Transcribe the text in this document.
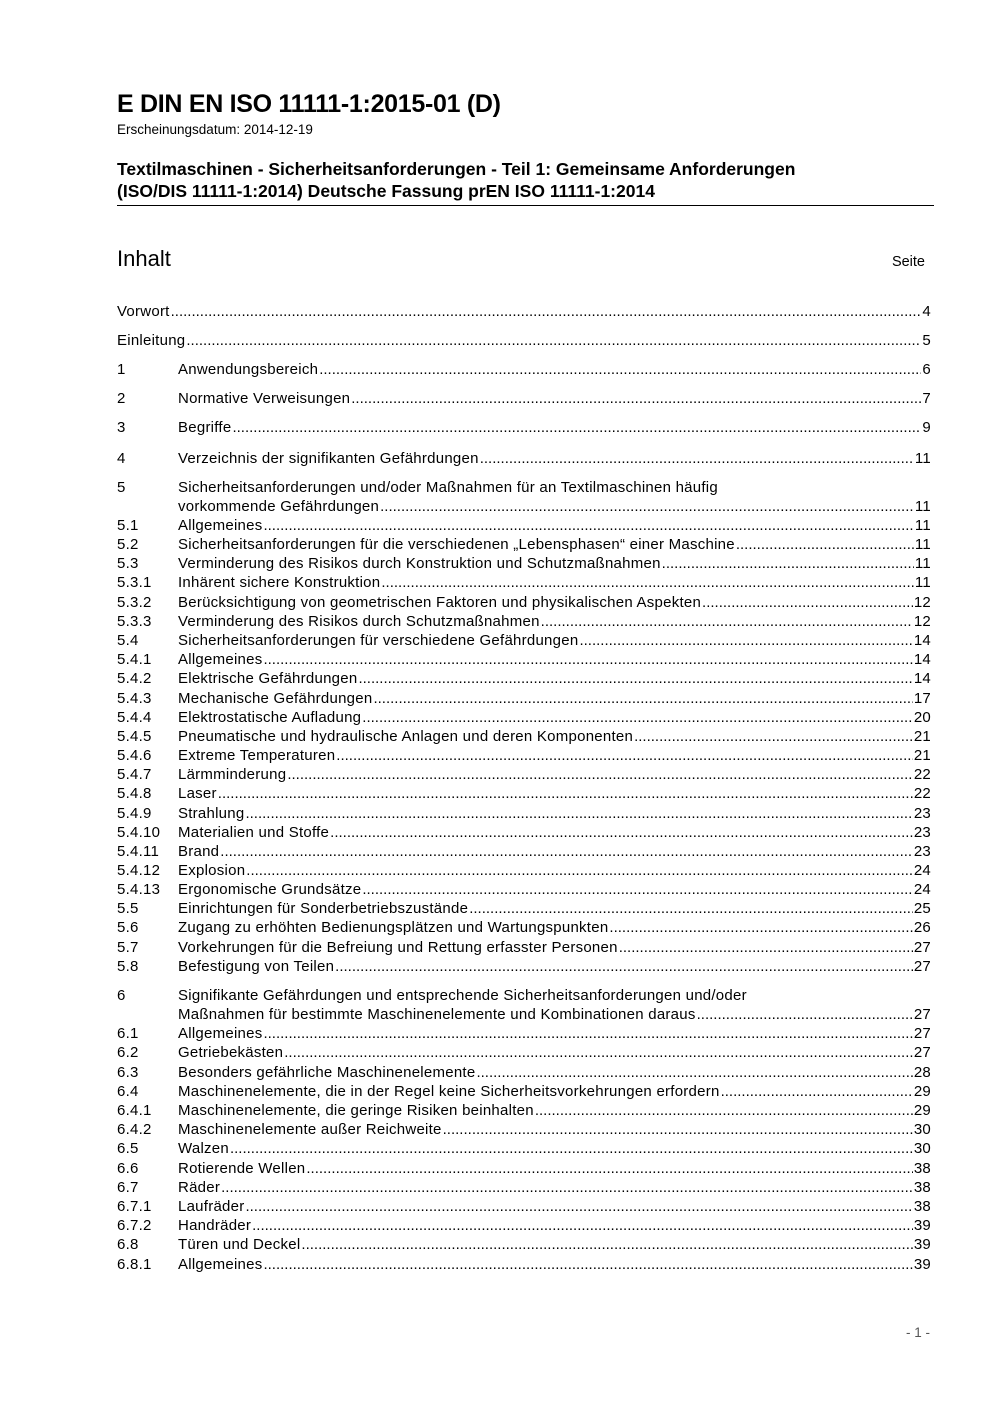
E DIN EN ISO 11111-1:2015-01 (D)
Erscheinungsdatum: 2014-12-19
Textilmaschinen - Sicherheitsanforderungen - Teil 1: Gemeinsame Anforderungen
(ISO/DIS 11111-1:2014) Deutsche Fassung prEN ISO 11111-1:2014
Inhalt	Seite
Vorwort .....	4
Einleitung .....	5
1	Anwendungsbereich .....	6
2	Normative Verweisungen .....	7
3	Begriffe .....	9
4	Verzeichnis der signifikanten Gefährdungen .....	11
5	Sicherheitsanforderungen und/oder Maßnahmen für an Textilmaschinen häufig
vorkommende Gefährdungen .....	11
5.1	Allgemeines .....	11
5.2	Sicherheitsanforderungen für die verschiedenen „Lebensphasen“ einer Maschine .....	11
5.3	Verminderung des Risikos durch Konstruktion und Schutzmaßnahmen .....	11
5.3.1 Inhärent sichere Konstruktion .....	11
5.3.2 Berücksichtigung von geometrischen Faktoren und physikalischen Aspekten .....	12
5.3.3 Verminderung des Risikos durch Schutzmaßnahmen .....	12
5.4	Sicherheitsanforderungen für verschiedene Gefährdungen .....	14
5.4.1 Allgemeines .....	14
5.4.2 Elektrische Gefährdungen .....	14
5.4.3 Mechanische Gefährdungen .....	17
5.4.4 Elektrostatische Aufladung .....	20
5.4.5 Pneumatische und hydraulische Anlagen und deren Komponenten .....	21
5.4.6 Extreme Temperaturen .....	21
5.4.7 Lärmminderung .....	22
5.4.8 Laser .....	22
5.4.9 Strahlung .....	23
5.4.10 Materialien und Stoffe .....	23
5.4.11 Brand .....	23
5.4.12 Explosion .....	24
5.4.13 Ergonomische Grundsätze .....	24
5.5	Einrichtungen für Sonderbetriebszustände .....	25
5.6	Zugang zu erhöhten Bedienungsplätzen und Wartungspunkten .....	26
5.7	Vorkehrungen für die Befreiung und Rettung erfasster Personen .....	27
5.8	Befestigung von Teilen .....	27
6	Signifikante Gefährdungen und entsprechende Sicherheitsanforderungen und/oder
Maßnahmen für bestimmte Maschinenelemente und Kombinationen daraus .....	27
6.1	Allgemeines .....	27
6.2	Getriebekästen .....	27
6.3	Besonders gefährliche Maschinenelemente .....	28
6.4	Maschinenelemente, die in der Regel keine Sicherheitsvorkehrungen erfordern .....	29
6.4.1 Maschinenelemente, die geringe Risiken beinhalten .....	29
6.4.2 Maschinenelemente außer Reichweite .....	30
6.5	Walzen .....	30
6.6	Rotierende Wellen .....	38
6.7	Räder .....	38
6.7.1 Laufräder .....	38
6.7.2 Handräder .....	39
6.8	Türen und Deckel .....	39
6.8.1 Allgemeines .....	39
- 1 -
